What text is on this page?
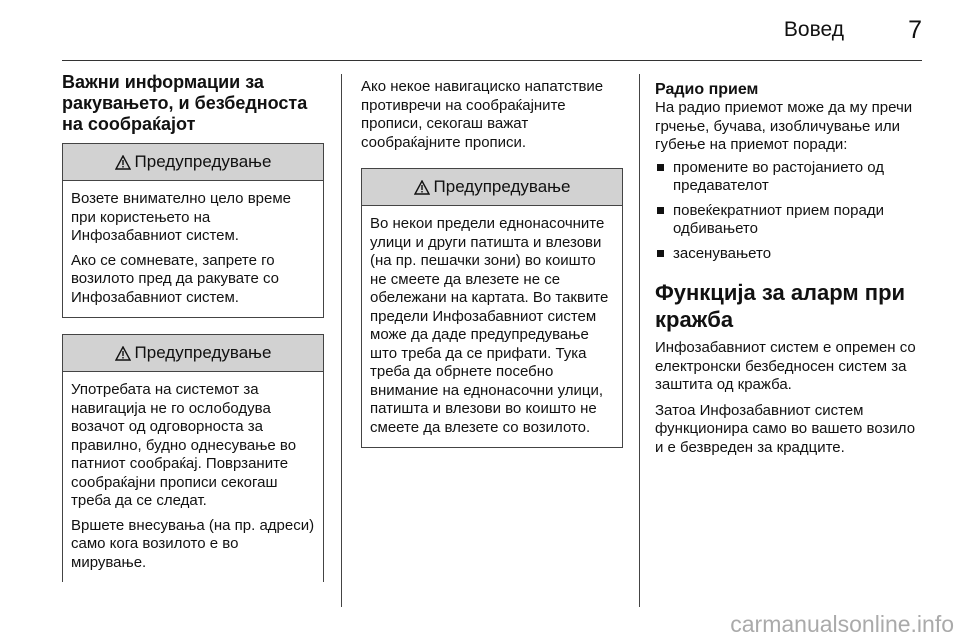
Вовед	7
Важни информации за ракувањето, и безбедноста на сообраќајот
Предупредување

Возете внимателно цело време при користењето на Инфозабавниот систем.

Ако се сомневате, запрете го возилото пред да ракувате со Инфозабавниот систем.

Предупредување

Употребата на системот за навигација не го ослободува возачот од одговорноста за правилно, будно однесување во патниот сообраќај. Поврзаните сообраќајни прописи секогаш треба да се следат.

Вршете внесувања (на пр. адреси) само кога возилото е во мирување.

Ако некое навигациско напатствие противречи на сообраќајните прописи, секогаш важат сообраќајните прописи.

Предупредување

Во некои предели еднонасочните улици и други патишта и влезови (на пр. пешачки зони) во коишто не смеете да влезете не се обележани на картата. Во таквите предели Инфозабавниот систем може да даде предупредување што треба да се прифати. Тука треба да обрнете посебно внимание на еднонасочни улици, патишта и влезови во коишто не смеете да влезете со возилото.

Радио прием

На радио приемот може да му пречи грчење, бучава, изобличување или губење на приемот поради:

промените во растојанието од предавателот
повеќекратниот прием поради одбивањето
засенувањето
Функција за аларм при кражба

Инфозабавниот систем е опремен со електронски безбедносен систем за заштита од кражба.

Затоа Инфозабавниот систем функционира само во вашето возило и е безвреден за крадците.

carmanualsonline.info
